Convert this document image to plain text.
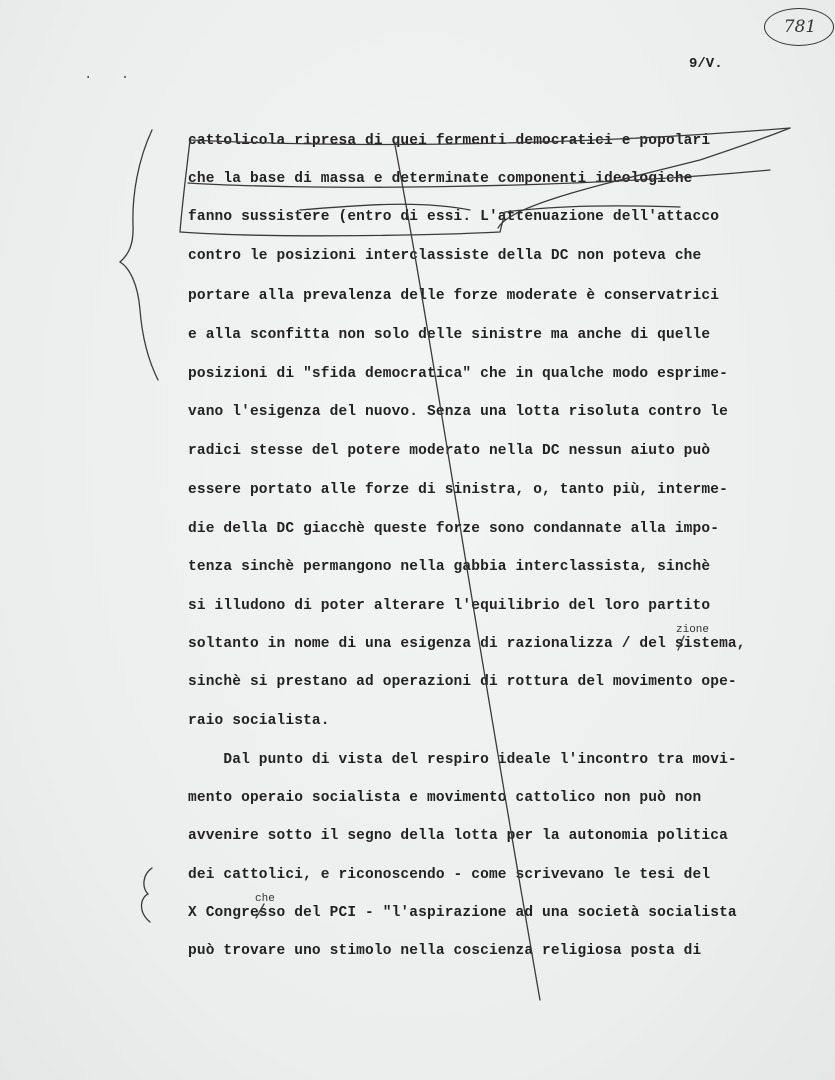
781
9/V.
· ·
cattolicola ripresa di quei fermenti democratici e popolari
che la base di massa e determinate componenti ideologiche
fanno sussistere (entro di essi. L'attenuazione dell'attacco
contro le posizioni interclassiste della DC non poteva che
portare alla prevalenza delle forze moderate è conservatrici
e alla sconfitta non solo delle sinistre ma anche di quelle
posizioni di "sfida democratica" che in qualche modo esprime-
vano l'esigenza del nuovo. Senza una lotta risoluta contro le
radici stesse del potere moderato nella DC nessun aiuto può
essere portato alle forze di sinistra, o, tanto più, interme-
die della DC giacchè queste forze sono condannate alla impo-
tenza sinchè permangono nella gabbia interclassista, sinchè
si illudono di poter alterare l'equilibrio del loro partito
soltanto in nome di una esigenza di razionalizza / del sistema,
sinchè si prestano ad operazioni di rottura del movimento ope-
raio socialista.
Dal punto di vista del respiro ideale l'incontro tra movi-
mento operaio socialista e movimento cattolico non può non
avvenire sotto il segno della lotta per la autonomia politica
dei cattolici, e riconoscendo - come scrivevano le tesi del
X Congresso del PCI - "l'aspirazione ad una società socialista
può trovare uno stimolo nella coscienza religiosa posta di
zione
che
